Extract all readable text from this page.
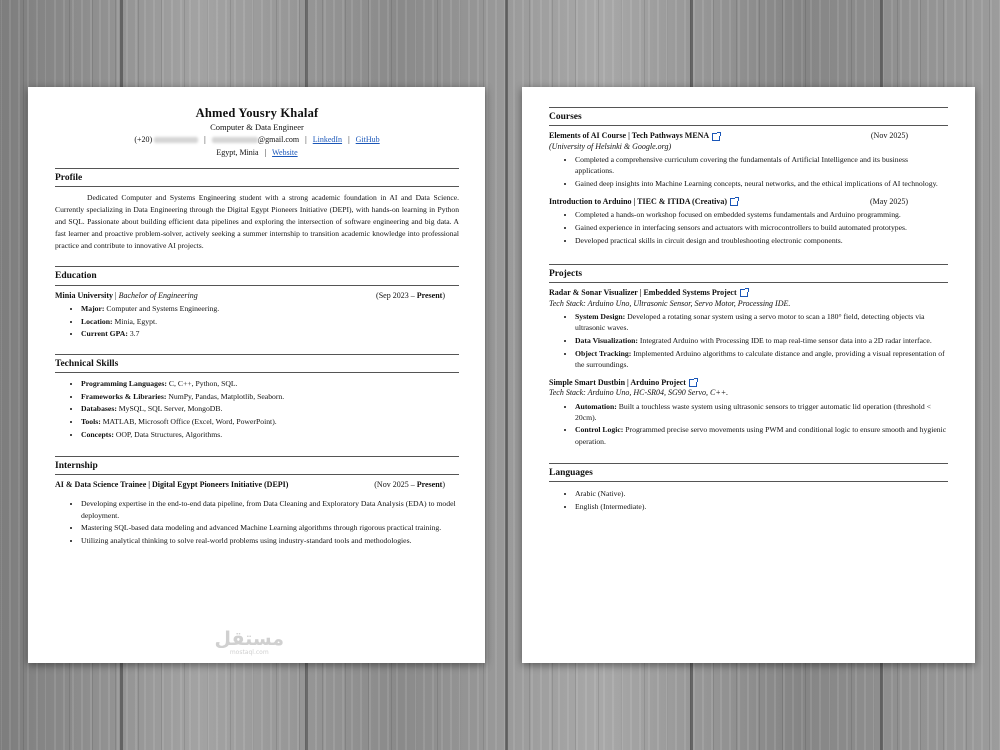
Ahmed Yousry Khalaf
Computer & Data Engineer
(+20)	|	@gmail.com | LinkedIn | GitHub
Egypt, Minia | Website
Profile
Dedicated Computer and Systems Engineering student with a strong academic foundation in AI and Data Science. Currently specializing in Data Engineering through the Digital Egypt Pioneers Initiative (DEPI), with hands-on learning in Python and SQL. Passionate about building efficient data pipelines and exploring the intersection of software engineering and big data. A fast learner and proactive problem-solver, actively seeking a summer internship to transition academic knowledge into professional practice and contribute to innovative AI projects.
Education
Minia University | Bachelor of Engineering	(Sep 2023 – Present)
• Major: Computer and Systems Engineering.
• Location: Minia, Egypt.
• Current GPA: 3.7
Technical Skills
• Programming Languages: C, C++, Python, SQL.
• Frameworks & Libraries: NumPy, Pandas, Matplotlib, Seaborn.
• Databases: MySQL, SQL Server, MongoDB.
• Tools: MATLAB, Microsoft Office (Excel, Word, PowerPoint).
• Concepts: OOP, Data Structures, Algorithms.
Internship
AI & Data Science Trainee | Digital Egypt Pioneers Initiative (DEPI)	(Nov 2025 – Present)
• Developing expertise in the end-to-end data pipeline, from Data Cleaning and Exploratory Data Analysis (EDA) to model deployment.
• Mastering SQL-based data modeling and advanced Machine Learning algorithms through rigorous practical training.
• Utilizing analytical thinking to solve real-world problems using industry-standard tools and methodologies.
مستقل
mostaql.com
Courses
Elements of AI Course | Tech Pathways MENA	(Nov 2025)
(University of Helsinki & Google.org)
• Completed a comprehensive curriculum covering the fundamentals of Artificial Intelligence and its business applications.
• Gained deep insights into Machine Learning concepts, neural networks, and the ethical implications of AI technology.
Introduction to Arduino | TIEC & ITIDA (Creativa)	(May 2025)
• Completed a hands-on workshop focused on embedded systems fundamentals and Arduino programming.
• Gained experience in interfacing sensors and actuators with microcontrollers to build automated prototypes.
• Developed practical skills in circuit design and troubleshooting electronic components.
Projects
Radar & Sonar Visualizer | Embedded Systems Project
Tech Stack: Arduino Uno, Ultrasonic Sensor, Servo Motor, Processing IDE.
• System Design: Developed a rotating sonar system using a servo motor to scan a 180° field, detecting objects via ultrasonic waves.
• Data Visualization: Integrated Arduino with Processing IDE to map real-time sensor data into a 2D radar interface.
• Object Tracking: Implemented Arduino algorithms to calculate distance and angle, providing a visual representation of the surroundings.
Simple Smart Dustbin | Arduino Project
Tech Stack: Arduino Uno, HC-SR04, SG90 Servo, C++.
• Automation: Built a touchless waste system using ultrasonic sensors to trigger automatic lid operation (threshold < 20cm).
• Control Logic: Programmed precise servo movements using PWM and conditional logic to ensure smooth and hygienic operation.
Languages
• Arabic (Native).
• English (Intermediate).
